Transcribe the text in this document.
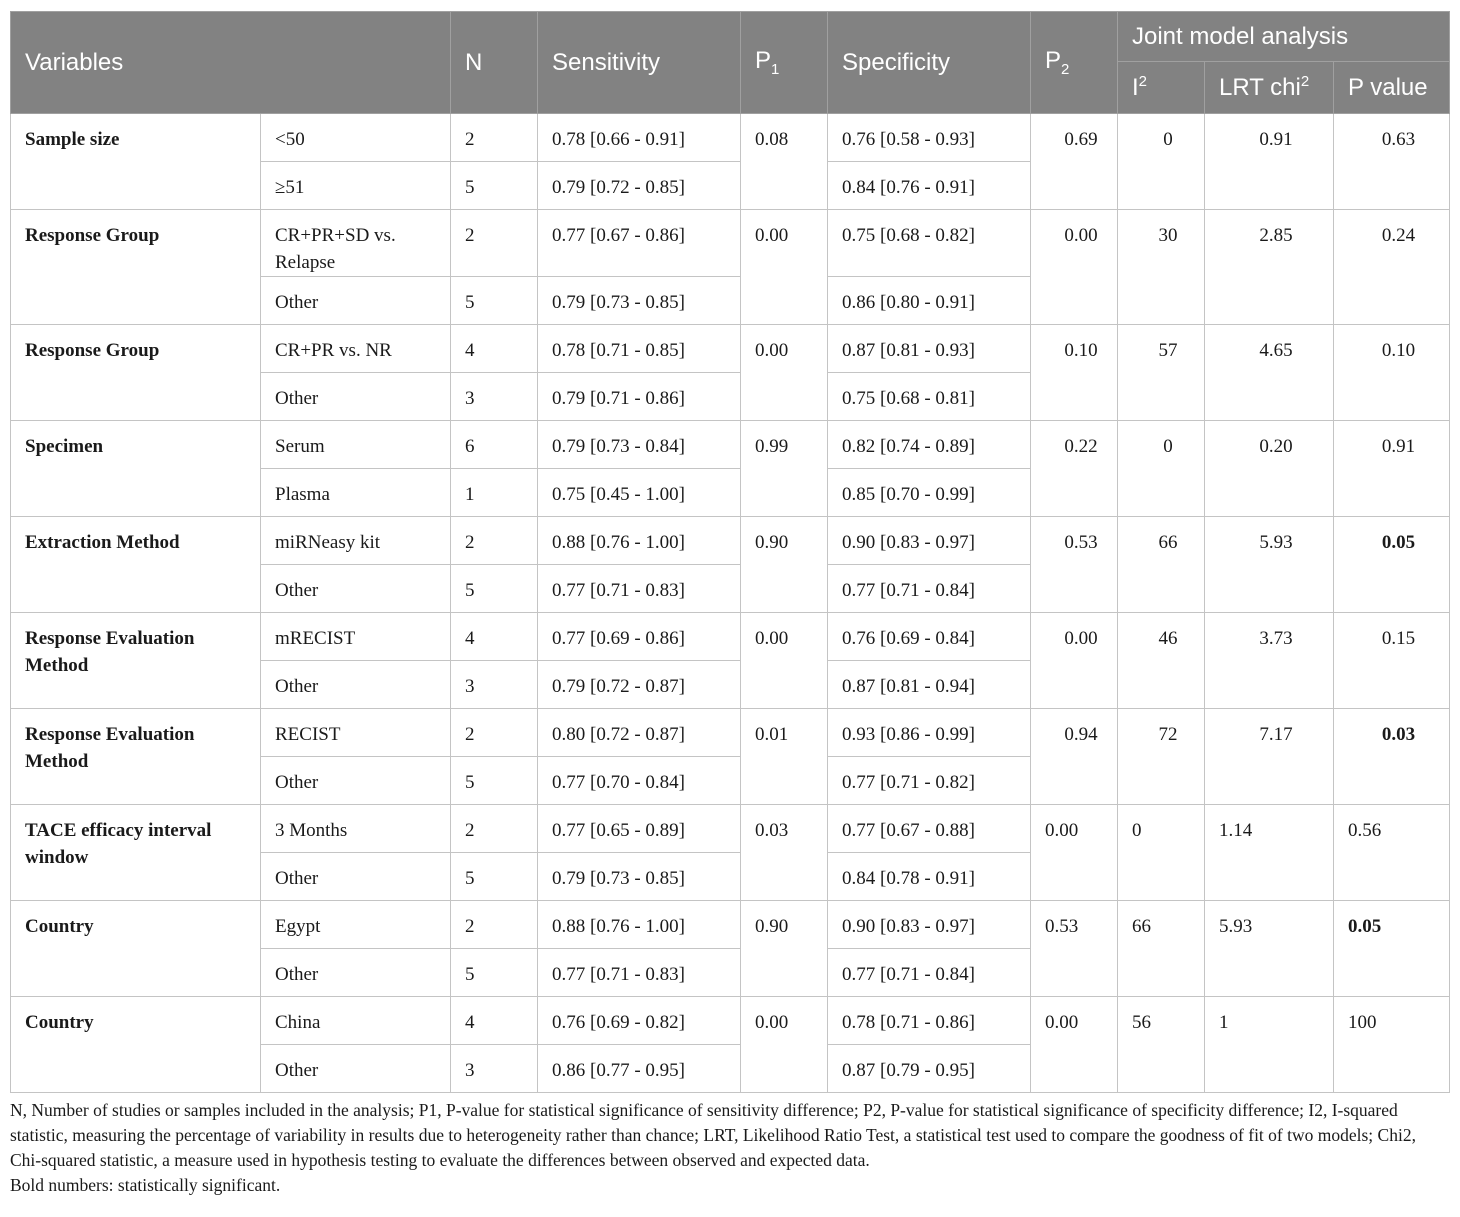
Variables		N	Sensitivity	$P_1$	Specificity	$P_2$	Joint model analysis		
							$I^2$	LRT chi$^2$	P value
Sample size	<50	2	0.78 [0.66 - 0.91]	0.08	0.76 [0.58 - 0.93]	0.69	0	0.91	0.63
	≥51	5	0.79 [0.72 - 0.85]		0.84 [0.76 - 0.91]				
Response Group	CR+PR+SD vs. Relapse	2	0.77 [0.67 - 0.86]	0.00	0.75 [0.68 - 0.82]	0.00	30	2.85	0.24
	Other	5	0.79 [0.73 - 0.85]		0.86 [0.80 - 0.91]				
Response Group	CR+PR vs. NR	4	0.78 [0.71 - 0.85]	0.00	0.87 [0.81 - 0.93]	0.10	57	4.65	0.10
	Other	3	0.79 [0.71 - 0.86]		0.75 [0.68 - 0.81]				
Specimen	Serum	6	0.79 [0.73 - 0.84]	0.99	0.82 [0.74 - 0.89]	0.22	0	0.20	0.91
	Plasma	1	0.75 [0.45 - 1.00]		0.85 [0.70 - 0.99]				
Extraction Method	miRNeasy kit	2	0.88 [0.76 - 1.00]	0.90	0.90 [0.83 - 0.97]	0.53	66	5.93	0.05
	Other	5	0.77 [0.71 - 0.83]		0.77 [0.71 - 0.84]				
Response Evaluation Method	mRECIST	4	0.77 [0.69 - 0.86]	0.00	0.76 [0.69 - 0.84]	0.00	46	3.73	0.15
	Other	3	0.79 [0.72 - 0.87]		0.87 [0.81 - 0.94]				
Response Evaluation Method	RECIST	2	0.80 [0.72 - 0.87]	0.01	0.93 [0.86 - 0.99]	0.94	72	7.17	0.03
	Other	5	0.77 [0.70 - 0.84]		0.77 [0.71 - 0.82]				
TACE efficacy interval window	3 Months	2	0.77 [0.65 - 0.89]	0.03	0.77 [0.67 - 0.88]	0.00	0	1.14	0.56
	Other	5	0.79 [0.73 - 0.85]		0.84 [0.78 - 0.91]				
Country	Egypt	2	0.88 [0.76 - 1.00]	0.90	0.90 [0.83 - 0.97]	0.53	66	5.93	0.05
	Other	5	0.77 [0.71 - 0.83]		0.77 [0.71 - 0.84]				
Country	China	4	0.76 [0.69 - 0.82]	0.00	0.78 [0.71 - 0.86]	0.00	56	1	100
	Other	3	0.86 [0.77 - 0.95]		0.87 [0.79 - 0.95]				

N, Number of studies or samples included in the analysis; P1, P-value for statistical significance of sensitivity difference; P2, P-value for statistical significance of specificity difference; I2, I-squared statistic, measuring the percentage of variability in results due to heterogeneity rather than chance; LRT, Likelihood Ratio Test, a statistical test used to compare the goodness of fit of two models; Chi2, Chi-squared statistic, a measure used in hypothesis testing to evaluate the differences between observed and expected data.

Bold numbers: statistically significant.
